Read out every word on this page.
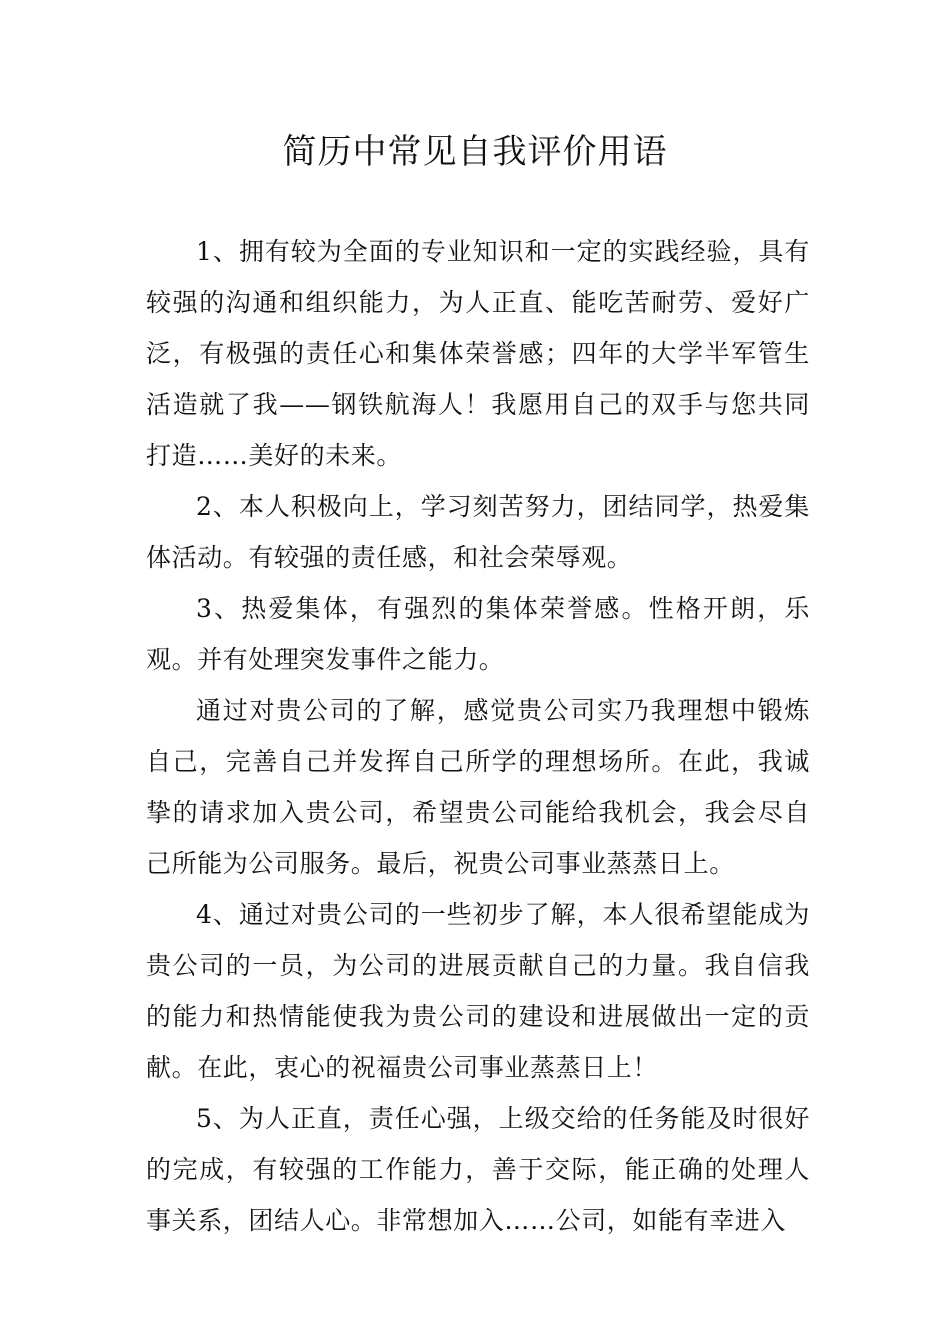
简历中常见自我评价用语

1、拥有较为全面的专业知识和一定的实践经验，具有较强的沟通和组织能力，为人正直、能吃苦耐劳、爱好广泛，有极强的责任心和集体荣誉感；四年的大学半军管生活造就了我——钢铁航海人！我愿用自己的双手与您共同打造……美好的未来。

2、本人积极向上，学习刻苦努力，团结同学，热爱集体活动。有较强的责任感，和社会荣辱观。

3、热爱集体，有强烈的集体荣誉感。性格开朗，乐观。并有处理突发事件之能力。

通过对贵公司的了解，感觉贵公司实乃我理想中锻炼自己，完善自己并发挥自己所学的理想场所。在此，我诚挚的请求加入贵公司，希望贵公司能给我机会，我会尽自己所能为公司服务。最后，祝贵公司事业蒸蒸日上。

4、通过对贵公司的一些初步了解，本人很希望能成为贵公司的一员，为公司的进展贡献自己的力量。我自信我的能力和热情能使我为贵公司的建设和进展做出一定的贡献。在此，衷心的祝福贵公司事业蒸蒸日上！

5、为人正直，责任心强，上级交给的任务能及时很好的完成，有较强的工作能力，善于交际，能正确的处理人事关系，团结人心。非常想加入……公司，如能有幸进入
